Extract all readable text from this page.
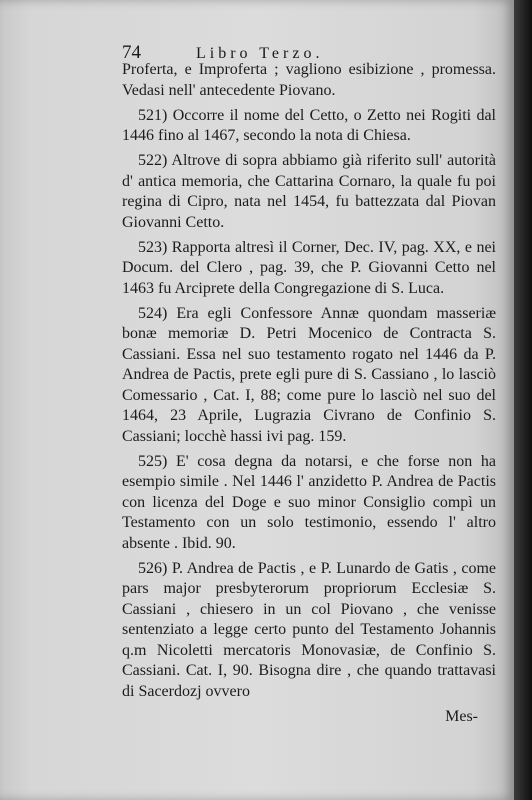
74	Libro Terzo.

Proferta, e Improferta ; vagliono esibizione , promessa. Vedasi nell' antecedente Piovano.

521) Occorre il nome del Cetto, o Zetto nei Rogiti dal 1446 fino al 1467, secondo la nota di Chiesa.

522) Altrove di sopra abbiamo già riferito sull' autorità d' antica memoria, che Cattarina Cornaro, la quale fu poi regina di Cipro, nata nel 1454, fu battezzata dal Piovan Giovanni Cetto.

523) Rapporta altresì il Corner, Dec. IV, pag. XX, e nei Docum. del Clero , pag. 39, che P. Giovanni Cetto nel 1463 fu Arciprete della Congregazione di S. Luca.

524) Era egli Confessore Annæ quondam masseriæ bonæ memoriæ D. Petri Mocenico de Contracta S. Cassiani. Essa nel suo testamento rogato nel 1446 da P. Andrea de Pactis, prete egli pure di S. Cassiano , lo lasciò Comessario , Cat. I, 88; come pure lo lasciò nel suo del 1464, 23 Aprile, Lugrazia Civrano de Confinio S. Cassiani; locchè hassi ivi pag. 159.

525) E' cosa degna da notarsi, e che forse non ha esempio simile . Nel 1446 l' anzidetto P. Andrea de Pactis con licenza del Doge e suo minor Consiglio compì un Testamento con un solo testimonio, essendo l' altro absente . Ibid. 90.

526) P. Andrea de Pactis , e P. Lunardo de Gatis , come pars major presbyterorum propriorum Ecclesiæ S. Cassiani , chiesero in un col Piovano , che venisse sentenziato a legge certo punto del Testamento Johannis q.m Nicoletti mercatoris Monovasiæ, de Confinio S. Cassiani. Cat. I, 90. Bisogna dire , che quando trattavasi di Sacerdozj ovvero

Mes-
